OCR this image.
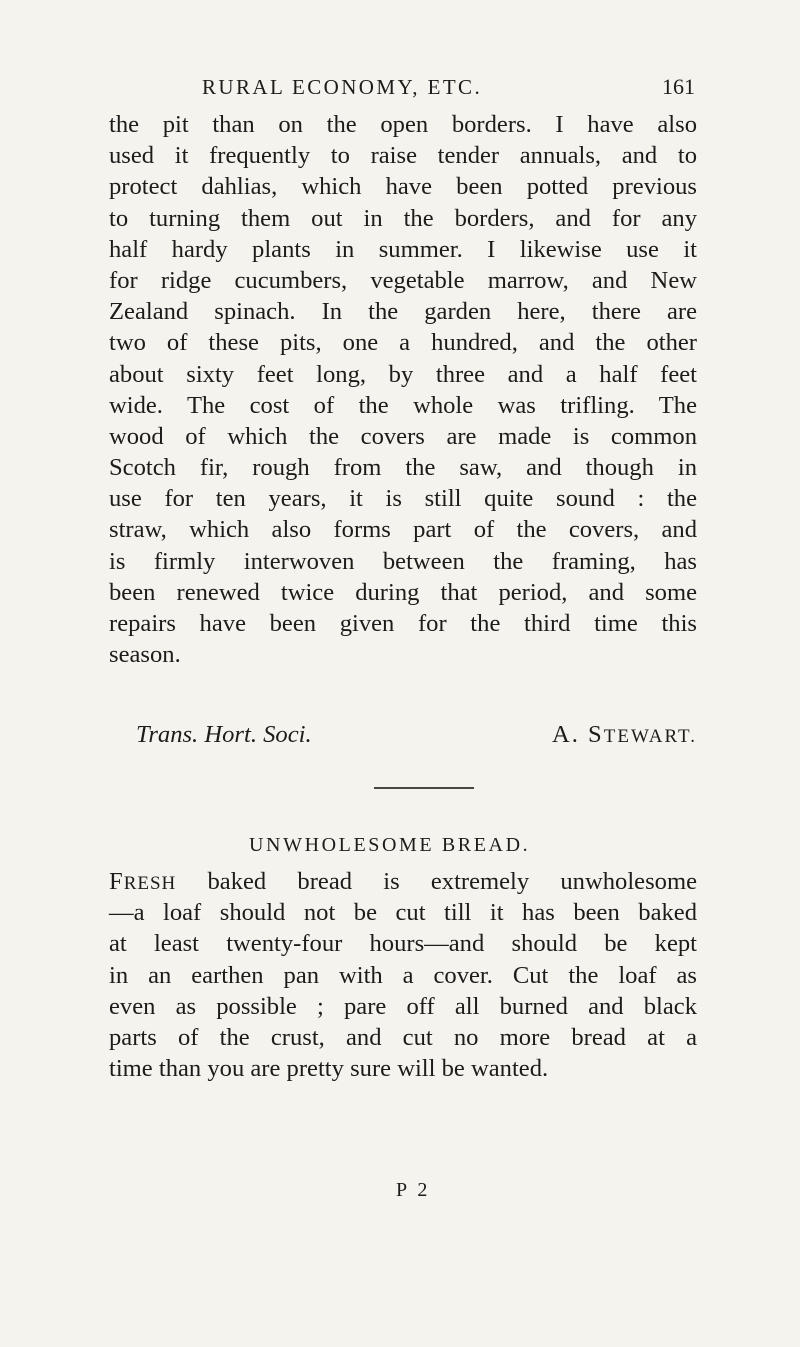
RURAL ECONOMY, ETC.	161
the pit than on the open borders. I have also
used it frequently to raise tender annuals, and to
protect dahlias, which have been potted previous
to turning them out in the borders, and for any
half hardy plants in summer. I likewise use it
for ridge cucumbers, vegetable marrow, and New
Zealand spinach. In the garden here, there are
two of these pits, one a hundred, and the other
about sixty feet long, by three and a half feet
wide. The cost of the whole was trifling. The
wood of which the covers are made is common
Scotch fir, rough from the saw, and though in
use for ten years, it is still quite sound : the
straw, which also forms part of the covers, and
is firmly interwoven between the framing, has
been renewed twice during that period, and some
repairs have been given for the third time this
season.
Trans. Hort. Soci.	A. STEWART.
UNWHOLESOME BREAD.
FRESH baked bread is extremely unwholesome
—a loaf should not be cut till it has been baked
at least twenty-four hours—and should be kept
in an earthen pan with a cover. Cut the loaf as
even as possible ; pare off all burned and black
parts of the crust, and cut no more bread at a
time than you are pretty sure will be wanted.
P 2
